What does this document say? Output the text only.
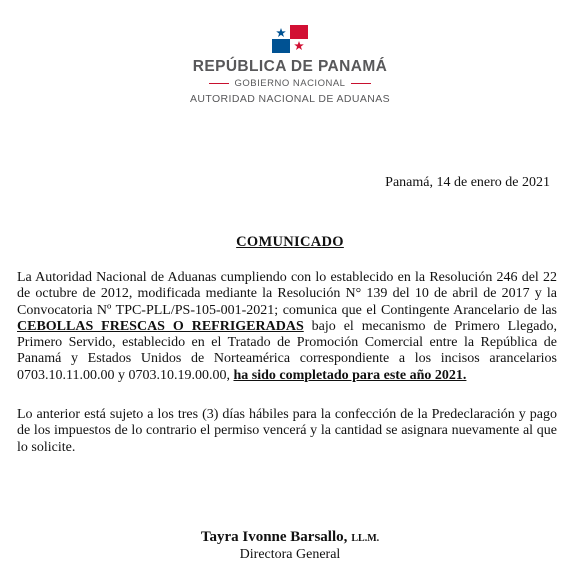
REPÚBLICA DE PANAMÁ
GOBIERNO NACIONAL
AUTORIDAD NACIONAL DE ADUANAS
Panamá, 14 de enero de 2021
COMUNICADO
La Autoridad Nacional de Aduanas cumpliendo con lo establecido en la Resolución 246 del 22 de octubre de 2012, modificada mediante la Resolución N° 139 del 10 de abril de 2017 y la Convocatoria Nº TPC-PLL/PS-105-001-2021; comunica que el Contingente Arancelario de las CEBOLLAS FRESCAS O REFRIGERADAS bajo el mecanismo de Primero Llegado, Primero Servido, establecido en el Tratado de Promoción Comercial entre la República de Panamá y Estados Unidos de Norteamérica correspondiente a los incisos arancelarios 0703.10.11.00.00 y 0703.10.19.00.00, ha sido completado para este año 2021.
Lo anterior está sujeto a los tres (3) días hábiles para la confección de la Predeclaración y pago de los impuestos de lo contrario el permiso vencerá y la cantidad se asignara nuevamente al que lo solicite.
Tayra Ivonne Barsallo, LL.M.
Directora General
